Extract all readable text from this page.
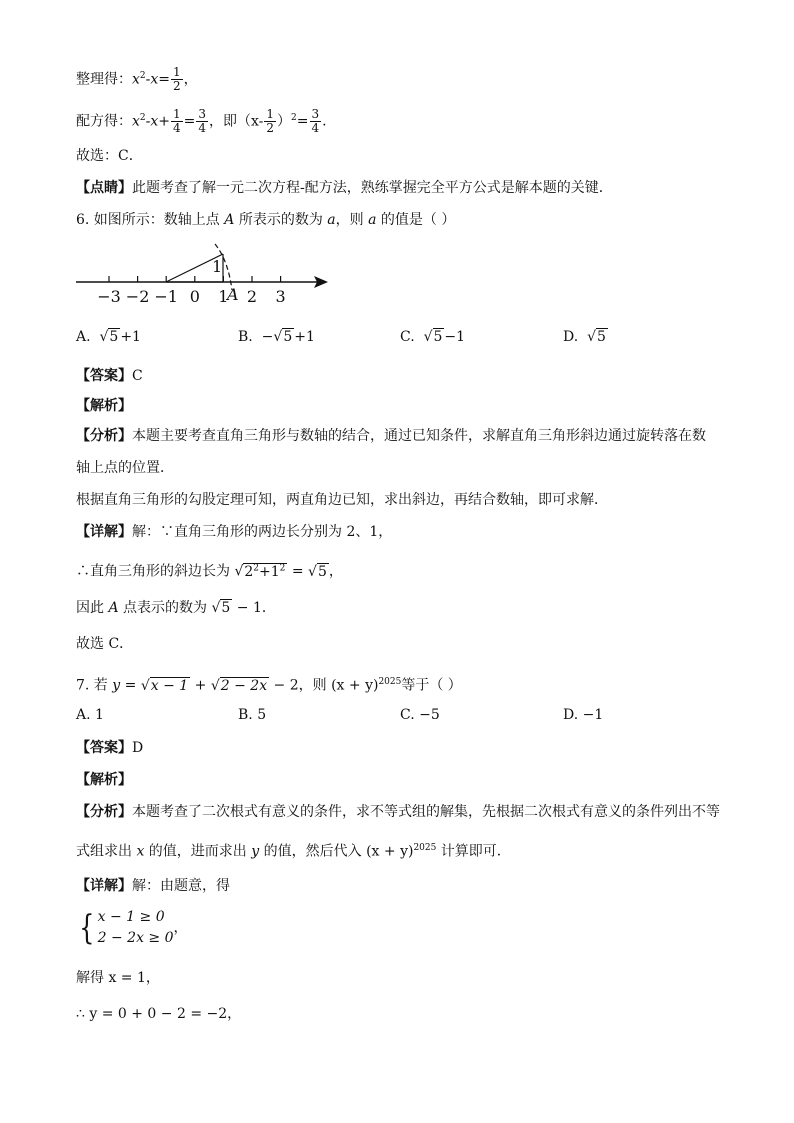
整理得：$x^2-x= \frac{1}{2}$ ，
配方得：$x^2-x+ \frac{1}{4} = \frac{3}{4}$ ，即$(x- \frac{1}{2} )^2= \frac{3}{4}$ .
故选：C．
【点睛】此题考查了解一元二次方程-配方法，熟练掌握完全平方公式是解本题的关键．
6. 如图所示：数轴上点 A 所表示的数为 a，则 a 的值是（ ）
−3 −2 −1 0 1 2 3
1
A
A. √5 +1	B. −√5 +1	C. √5 −1	D. √5
【答案】C
【解析】
【分析】本题主要考查直角三角形与数轴的结合，通过已知条件，求解直角三角形斜边通过旋转落在数
轴上点的位置．
根据直角三角形的勾股定理可知，两直角边已知，求出斜边，再结合数轴，即可求解．
【详解】解：∵直角三角形的两边长分别为 2、1，
∴直角三角形的斜边长为 $√2^2+1^2 = √5$ ，
因此 A 点表示的数为 √5 − 1．
故选 C．
7. 若 y = √x − 1 + √2 − 2x − 2，则 $(x + y)^{2025}$等于（ ）
A. 1	B. 5	C. −5	D. −1
【答案】D
【解析】
【分析】本题考查了二次根式有意义的条件，求不等式组的解集，先根据二次根式有意义的条件列出不等
式组求出 x 的值，进而求出 y 的值，然后代入 $(x + y)^{2025}$ 计算即可．
【详解】解：由题意，得
{ x − 1 ≥ 0
2 − 2x ≥ 0
，
解得 x = 1，
∴ y = 0 + 0 − 2 = −2，
